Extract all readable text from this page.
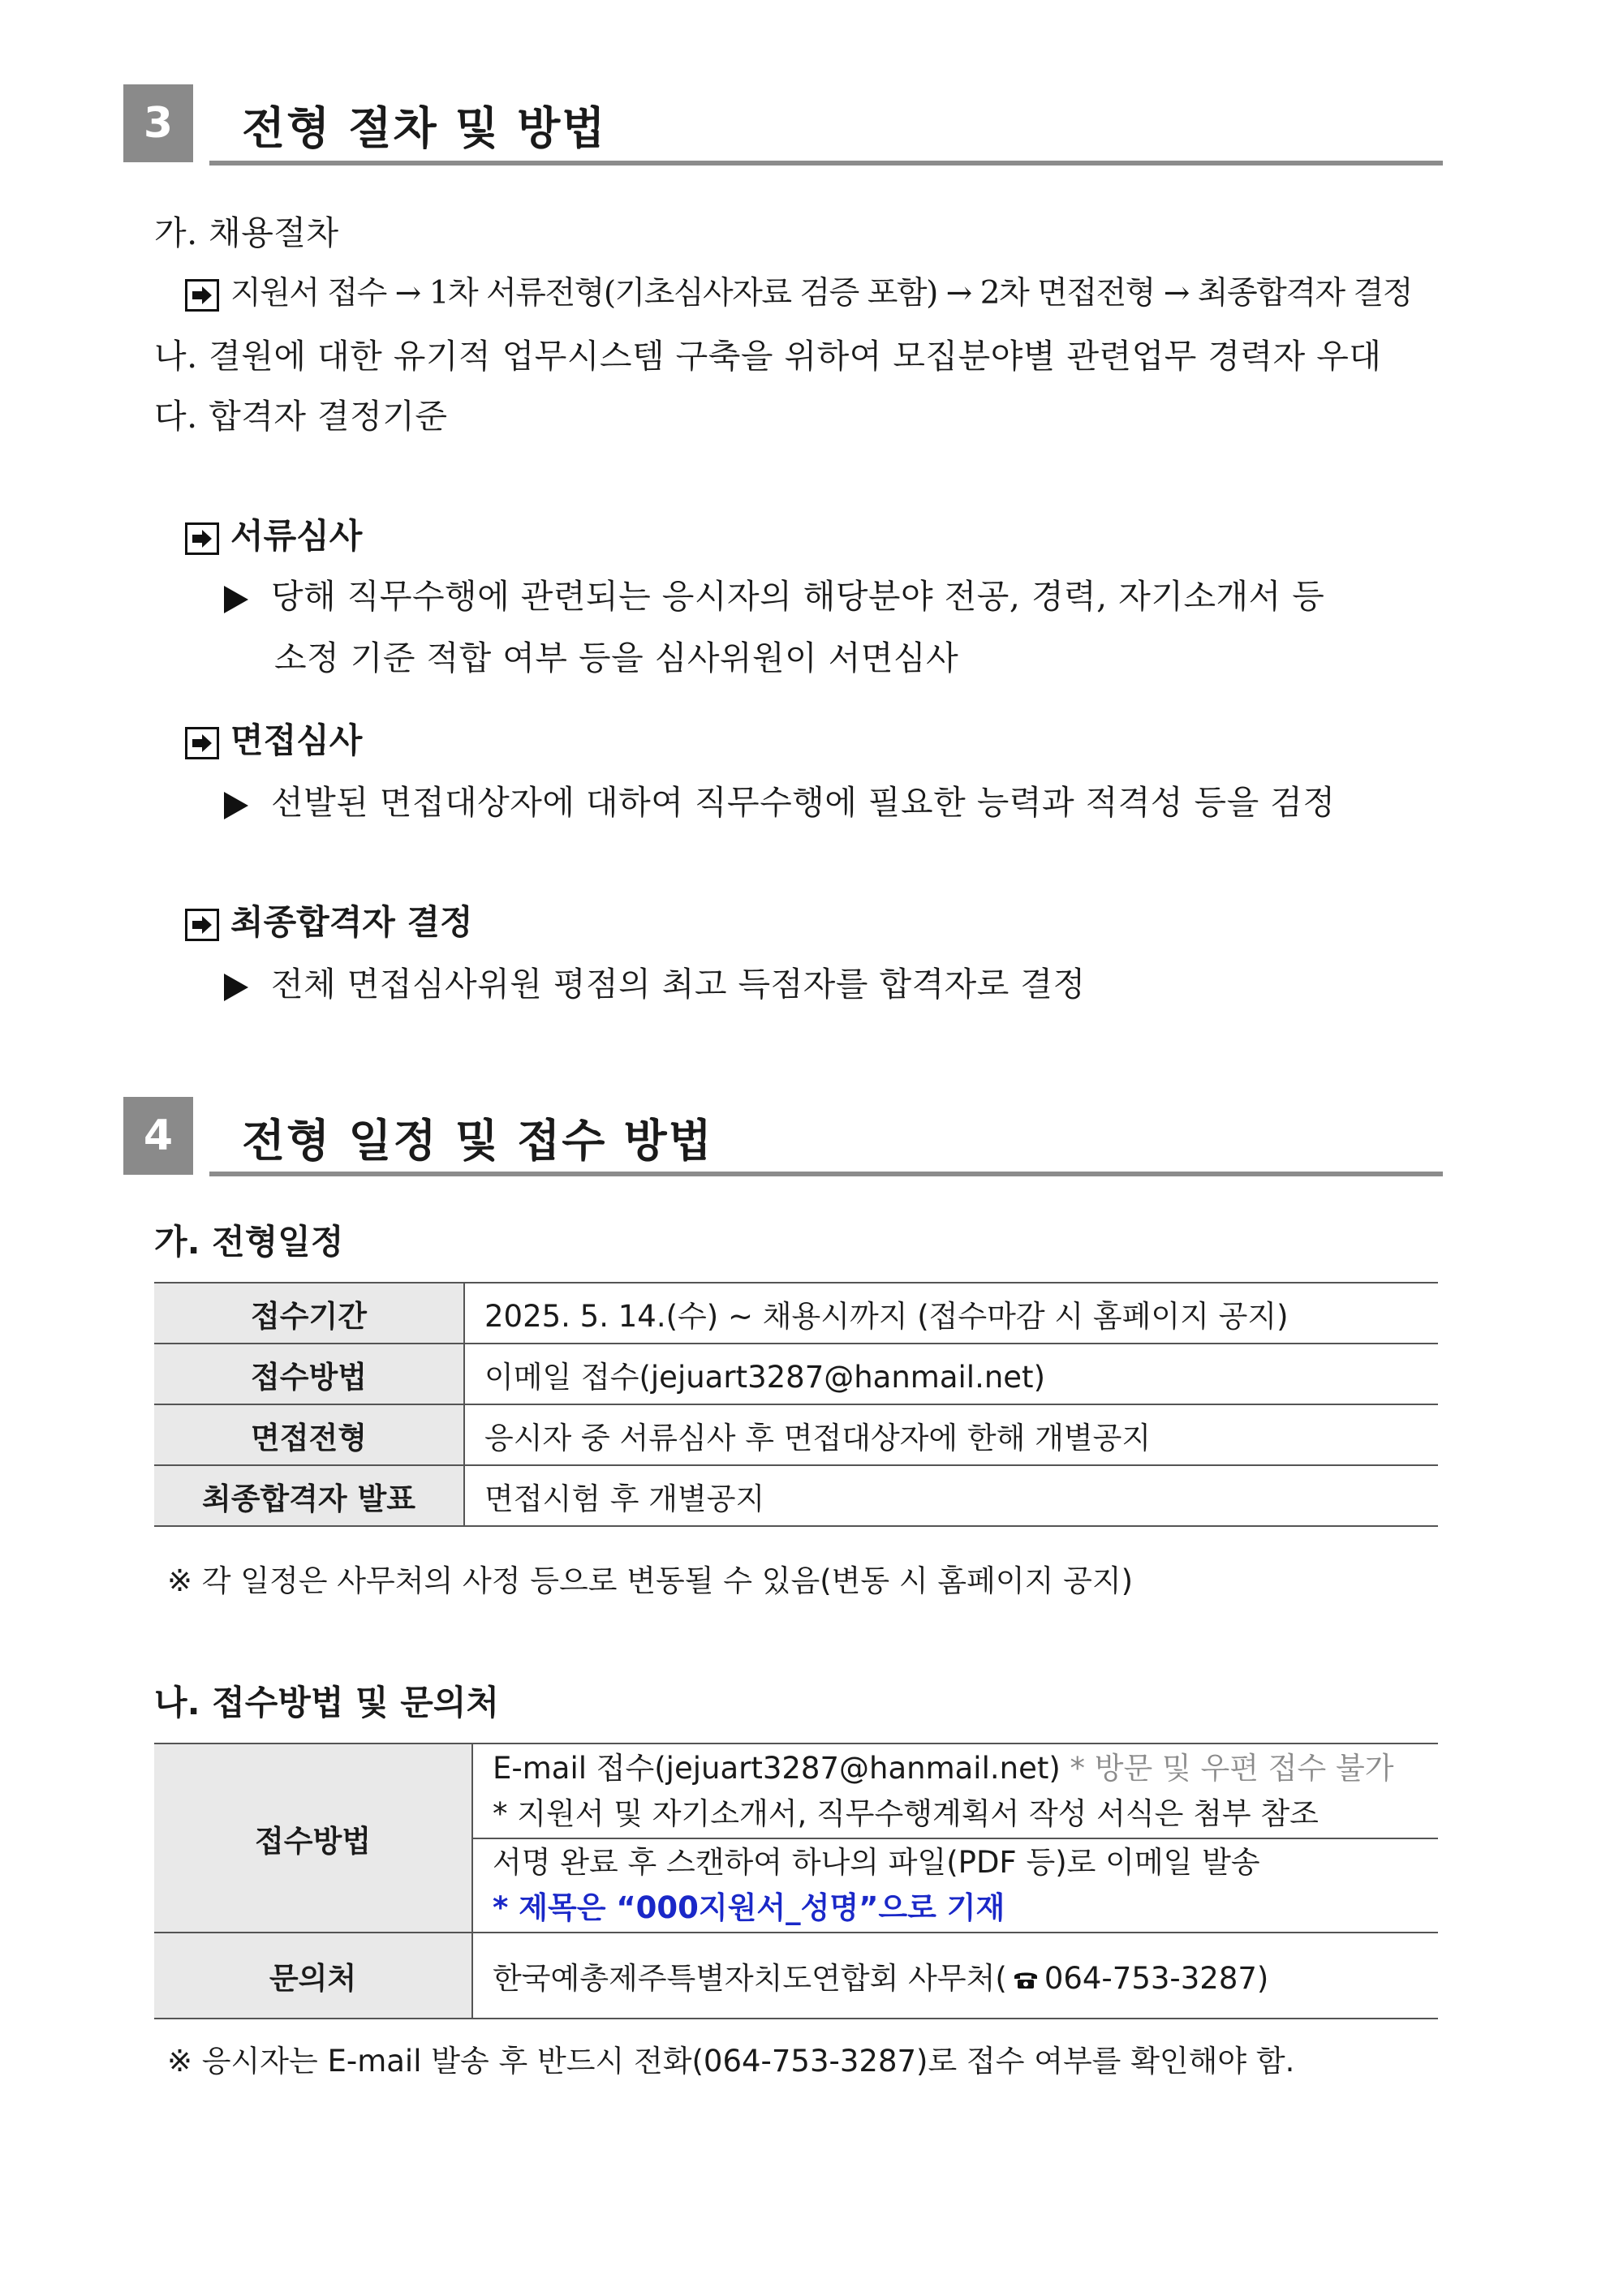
3	전형 절차 및 방법
가. 채용절차
지원서 접수 → 1차 서류전형(기초심사자료 검증 포함) → 2차 면접전형 → 최종합격자 결정
나. 결원에 대한 유기적 업무시스템 구축을 위하여 모집분야별 관련업무 경력자 우대
다. 합격자 결정기준
서류심사
당해 직무수행에 관련되는 응시자의 해당분야 전공, 경력, 자기소개서 등
소정 기준 적합 여부 등을 심사위원이 서면심사
면접심사
선발된 면접대상자에 대하여 직무수행에 필요한 능력과 적격성 등을 검정
최종합격자 결정
전체 면접심사위원 평점의 최고 득점자를 합격자로 결정
4	전형 일정 및 접수 방법
가. 전형일정
접수기간	2025. 5. 14.(수) ~ 채용시까지 (접수마감 시 홈페이지 공지)
접수방법	이메일 접수(jejuart3287@hanmail.net)
면접전형	응시자 중 서류심사 후 면접대상자에 한해 개별공지
최종합격자 발표	면접시험 후 개별공지
※ 각 일정은 사무처의 사정 등으로 변동될 수 있음(변동 시 홈페이지 공지)
나. 접수방법 및 문의처
접수방법	E-mail 접수(jejuart3287@hanmail.net) * 방문 및 우편 접수 불가
* 지원서 및 자기소개서, 직무수행계획서 작성 서식은 첨부 참조

	서명 완료 후 스캔하여 하나의 파일(PDF 등)로 이메일 발송
* 제목은 “000지원서_성명”으로 기재

문의처	한국예총제주특별자치도연합회 사무처( 064-753-3287)
※ 응시자는 E-mail 발송 후 반드시 전화(064-753-3287)로 접수 여부를 확인해야 함.
